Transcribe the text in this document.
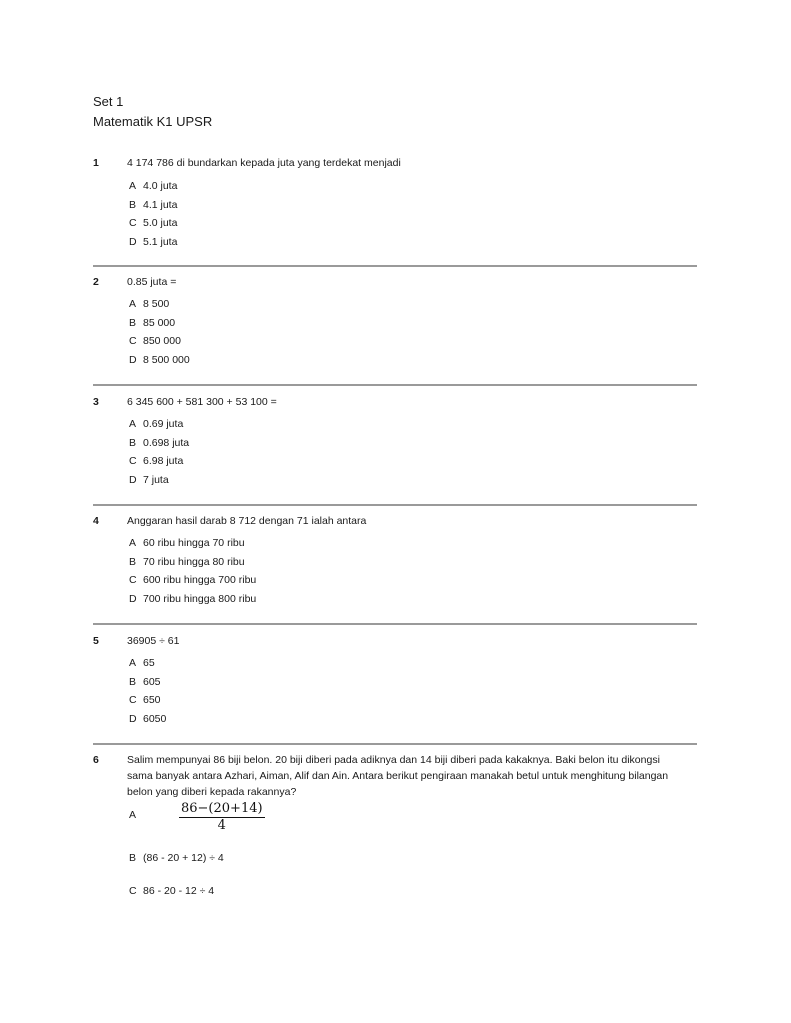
Set 1
Matematik K1 UPSR
1	4 174 786 di bundarkan kepada juta yang terdekat menjadi
A 4.0 juta
B 4.1 juta
C 5.0 juta
D 5.1 juta
2	0.85 juta =
A 8 500
B 85 000
C 850 000
D 8 500 000
3	6 345 600 + 581 300 + 53 100 =
A 0.69 juta
B 0.698 juta
C 6.98 juta
D 7 juta
4	Anggaran hasil darab 8 712 dengan 71 ialah antara
A 60 ribu hingga 70 ribu
B 70 ribu hingga 80 ribu
C 600 ribu hingga 700 ribu
D 700 ribu hingga 800 ribu
5	36905 ÷ 61
A 65
B 605
C 650
D 6050
6	Salim mempunyai 86 biji belon. 20 biji diberi pada adiknya dan 14 biji diberi pada kakaknya. Baki belon itu dikongsi sama banyak antara Azhari, Aiman, Alif dan Ain. Antara berikut pengiraan manakah betul untuk menghitung bilangan belon yang diberi kepada rakannya?
A	$\frac{86-(20+14)}{4}$
B (86 - 20 + 12) ÷ 4
C 86 - 20 - 12 ÷ 4
